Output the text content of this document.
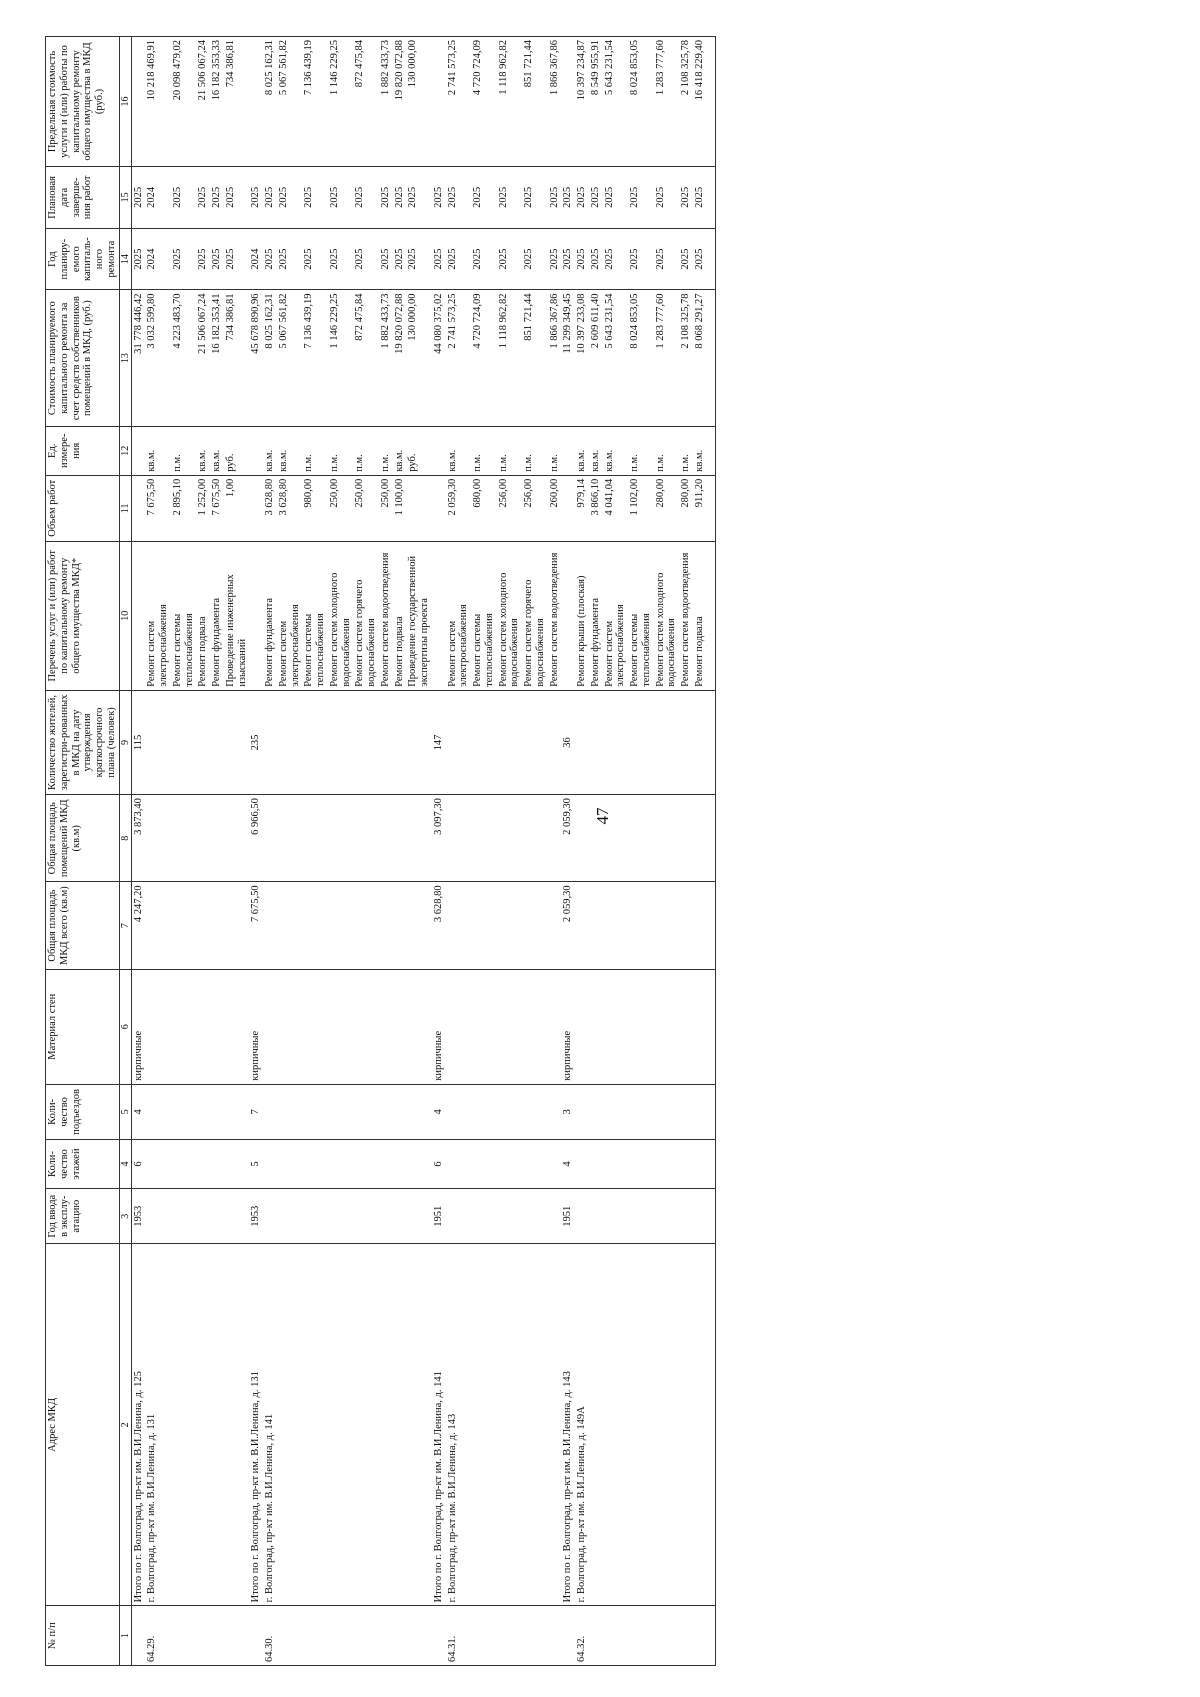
47
№ п/п	Адрес МКД	Год ввода в эксплу-атацию	Коли-чество этажей	Коли-чество подъездов	Материал стен	Общая площадь МКД всего (кв.м)	Общая площадь помещений МКД (кв.м)	Количество жителей, зарегистри-рованных в МКД на дату утверждения краткосрочного плана (человек)	Перечень услуг и (или) работ по капитальному ремонту общего имущества МКД*	Объем работ	Ед. измере-ния	Стоимость планируемого капитального ремонта за счет средств собственников помещений в МКД, (руб.)	Год планиру-емого капиталь-ного ремонта	Плановая дата заверше-ния работ	Предельная стоимость услуги и (или) работы по капитальному ремонту общего имущества в МКД (руб.)
1	2	3	4	5	6	7	8	9	10	11	12	13	14	15	16
	Итого по г. Волгоград, пр-кт им. В.И.Ленина, д. 125	1953	6	4	кирпичные	4 247,20	3 873,40	115				31 778 446,42	2025	2025	
64.29.	г. Волгоград, пр-кт им. В.И.Ленина, д. 131								Ремонт систем электроснабжения	7 675,50	кв.м.	3 032 599,80	2024	2024	10 218 469,91
									Ремонт системы теплоснабжения	2 895,10	п.м.	4 223 483,70	2025	2025	20 098 479,02
									Ремонт подвала	1 252,00	кв.м.	21 506 067,24	2025	2025	21 506 067,24
									Ремонт фундамента	7 675,50	кв.м.	16 182 353,41	2025	2025	16 182 353,33
									Проведение инженерных изысканий	1,00	руб.	734 386,81	2025	2025	734 386,81
	Итого по г. Волгоград, пр-кт им. В.И.Ленина, д. 131	1953	5	7	кирпичные	7 675,50	6 966,50	235				45 678 890,96	2024	2025	
64.30.	г. Волгоград, пр-кт им. В.И.Ленина, д. 141								Ремонт фундамента	3 628,80	кв.м.	8 025 162,31	2025	2025	8 025 162,31
									Ремонт систем электроснабжения	3 628,80	кв.м.	5 067 561,82	2025	2025	5 067 561,82
									Ремонт системы теплоснабжения	980,00	п.м.	7 136 439,19	2025	2025	7 136 439,19
									Ремонт систем холодного водоснабжения	250,00	п.м.	1 146 229,25	2025	2025	1 146 229,25
									Ремонт систем горячего водоснабжения	250,00	п.м.	872 475,84	2025	2025	872 475,84
									Ремонт систем водоотведения	250,00	п.м.	1 882 433,73	2025	2025	1 882 433,73
									Ремонт подвала	1 100,00	кв.м.	19 820 072,88	2025	2025	19 820 072,88
									Проведение государственной экспертизы проекта		руб.	130 000,00	2025	2025	130 000,00
	Итого по г. Волгоград, пр-кт им. В.И.Ленина, д. 141	1951	6	4	кирпичные	3 628,80	3 097,30	147				44 080 375,02	2025	2025	
64.31.	г. Волгоград, пр-кт им. В.И.Ленина, д. 143								Ремонт систем электроснабжения	2 059,30	кв.м.	2 741 573,25	2025	2025	2 741 573,25
									Ремонт системы теплоснабжения	680,00	п.м.	4 720 724,09	2025	2025	4 720 724,09
									Ремонт систем холодного водоснабжения	256,00	п.м.	1 118 962,82	2025	2025	1 118 962,82
									Ремонт систем горячего водоснабжения	256,00	п.м.	851 721,44	2025	2025	851 721,44
									Ремонт систем водоотведения	260,00	п.м.	1 866 367,86	2025	2025	1 866 367,86
	Итого по г. Волгоград, пр-кт им. В.И.Ленина, д. 143	1951	4	3	кирпичные	2 059,30	2 059,30	36				11 299 349,45	2025	2025	
64.32.	г. Волгоград, пр-кт им. В.И.Ленина, д. 149А								Ремонт крыши (плоская)	979,14	кв.м.	10 397 233,08	2025	2025	10 397 234,87
									Ремонт фундамента	3 866,10	кв.м.	2 609 611,40	2025	2025	8 549 955,91
									Ремонт систем электроснабжения	4 041,04	кв.м.	5 643 231,54	2025	2025	5 643 231,54
									Ремонт системы теплоснабжения	1 102,00	п.м.	8 024 853,05	2025	2025	8 024 853,05
									Ремонт систем холодного водоснабжения	280,00	п.м.	1 283 777,60	2025	2025	1 283 777,60
									Ремонт систем водоотведения	280,00	п.м.	2 108 325,78	2025	2025	2 108 325,78
									Ремонт подвала	911,20	кв.м.	8 068 291,27	2025	2025	16 418 229,40
